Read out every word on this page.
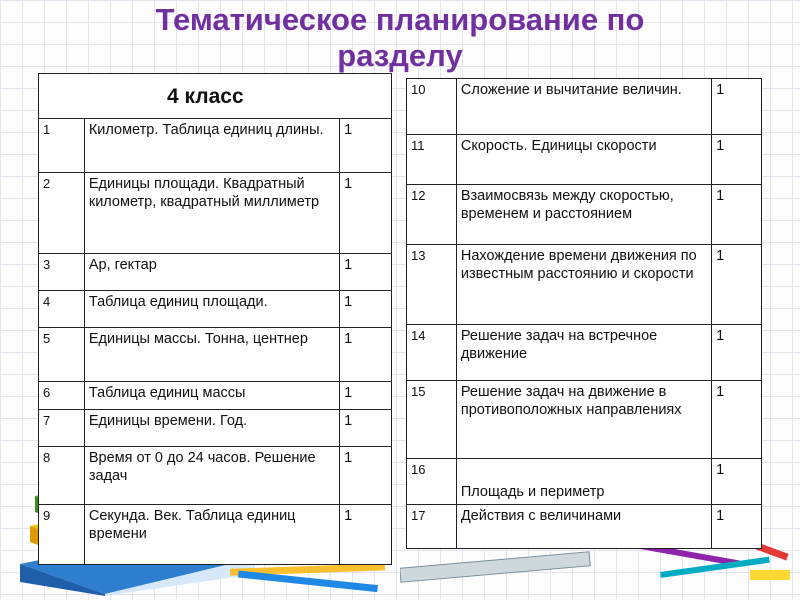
Тематическое планирование по
разделу
4 класс		
1	Километр. Таблица единиц длины.	1
2	Единицы площади. Квадратный километр, квадратный миллиметр	1
3	Ар, гектар	1
4	Таблица единиц площади.	1
5	Единицы массы. Тонна, центнер	1
6	Таблица единиц массы	1
7	Единицы времени. Год.	1
8	Время от 0 до 24 часов. Решение задач	1
9	Секунда. Век. Таблица единиц времени	1
10	Сложение и вычитание величин.	1
11	Скорость. Единицы скорости	1
12	Взаимосвязь между скоростью, временем и расстоянием	1
13	Нахождение времени движения по известным расстоянию и скорости	1
14	Решение задач на встречное движение	1
15	Решение задач на движение в противоположных направлениях	1
16	Площадь и периметр	1
17	Действия с величинами	1
